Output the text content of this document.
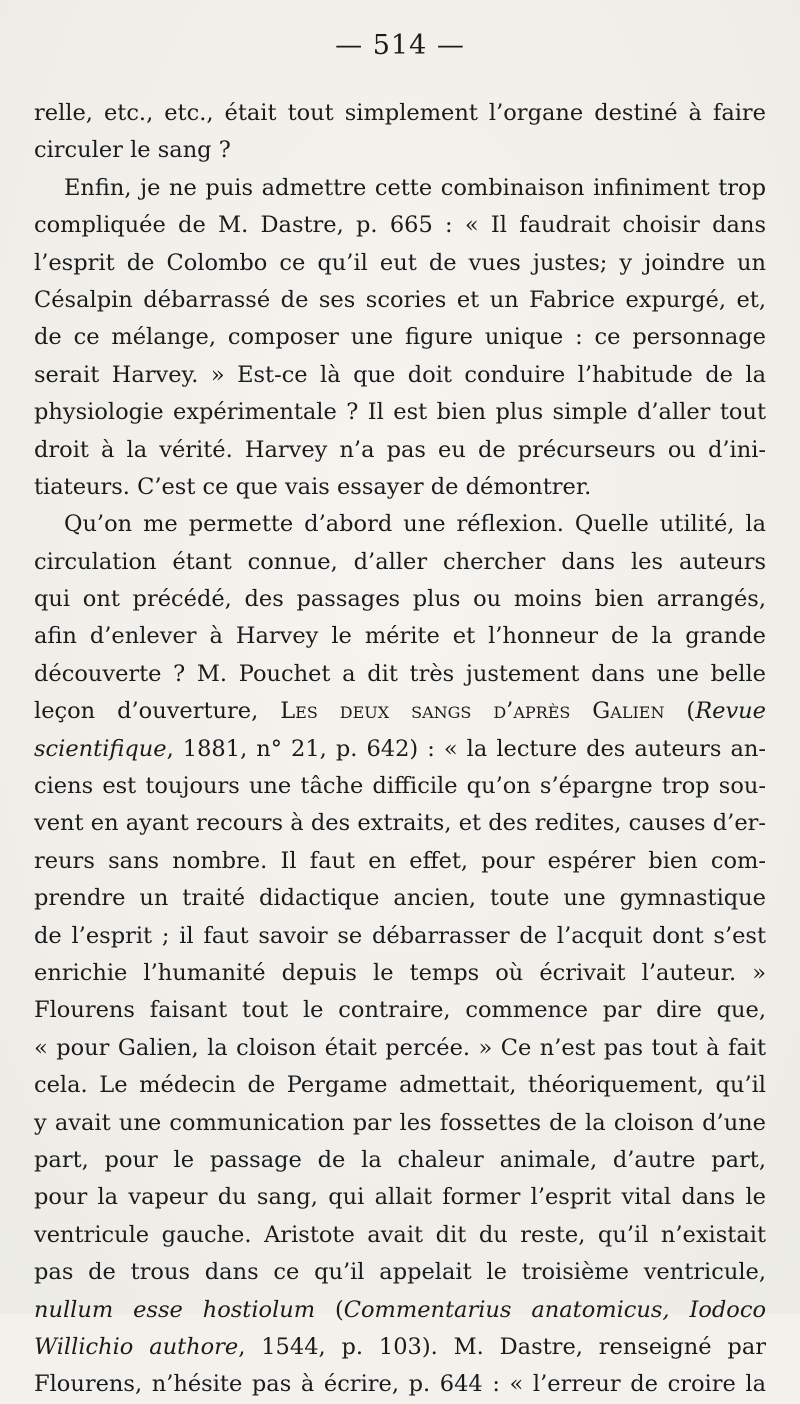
— 514 —
relle, etc., etc., était tout simplement l’organe destiné à faire
circuler le sang ?
Enfin, je ne puis admettre cette combinaison infiniment trop
compliquée de M. Dastre, p. 665 : « Il faudrait choisir dans
l’esprit de Colombo ce qu’il eut de vues justes; y joindre un
Césalpin débarrassé de ses scories et un Fabrice expurgé, et,
de ce mélange, composer une figure unique : ce personnage
serait Harvey. » Est-ce là que doit conduire l’habitude de la
physiologie expérimentale ? Il est bien plus simple d’aller tout
droit à la vérité. Harvey n’a pas eu de précurseurs ou d’ini-
tiateurs. C’est ce que vais essayer de démontrer.
Qu’on me permette d’abord une réflexion. Quelle utilité, la
circulation étant connue, d’aller chercher dans les auteurs
qui ont précédé, des passages plus ou moins bien arrangés,
afin d’enlever à Harvey le mérite et l’honneur de la grande
découverte ? M. Pouchet a dit très justement dans une belle
leçon d’ouverture, Les deux sangs d’après Galien (Revue
scientifique, 1881, n° 21, p. 642) : « la lecture des auteurs an-
ciens est toujours une tâche difficile qu’on s’épargne trop sou-
vent en ayant recours à des extraits, et des redites, causes d’er-
reurs sans nombre. Il faut en effet, pour espérer bien com-
prendre un traité didactique ancien, toute une gymnastique
de l’esprit ; il faut savoir se débarrasser de l’acquit dont s’est
enrichie l’humanité depuis le temps où écrivait l’auteur. »
Flourens faisant tout le contraire, commence par dire que,
« pour Galien, la cloison était percée. » Ce n’est pas tout à fait
cela. Le médecin de Pergame admettait, théoriquement, qu’il
y avait une communication par les fossettes de la cloison d’une
part, pour le passage de la chaleur animale, d’autre part,
pour la vapeur du sang, qui allait former l’esprit vital dans le
ventricule gauche. Aristote avait dit du reste, qu’il n’existait
pas de trous dans ce qu’il appelait le troisième ventricule,
nullum esse hostiolum (Commentarius anatomicus, Iodoco
Willichio authore, 1544, p. 103). M. Dastre, renseigné par
Flourens, n’hésite pas à écrire, p. 644 : « l’erreur de croire la
